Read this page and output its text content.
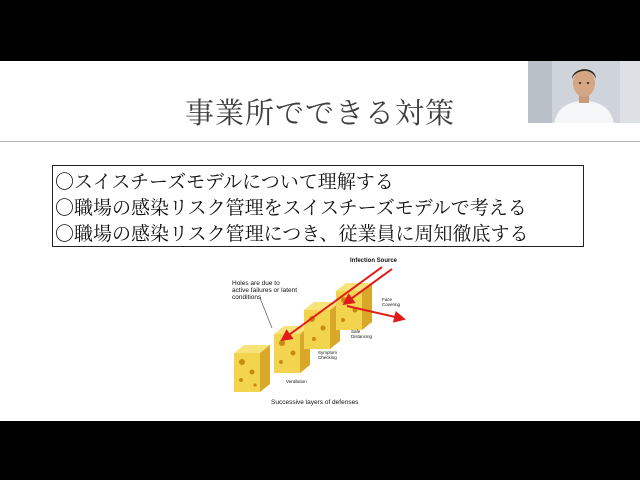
事業所でできる対策
〇スイスチーズモデルについて理解する
〇職場の感染リスク管理をスイスチーズモデルで考える
〇職場の感染リスク管理につき、従業員に周知徹底する
Infection Source
Holes are due to active failures or latent conditions	Face Covering
Safe Distancing
Symptom Checking
Ventilation
Successive layers of defenses
